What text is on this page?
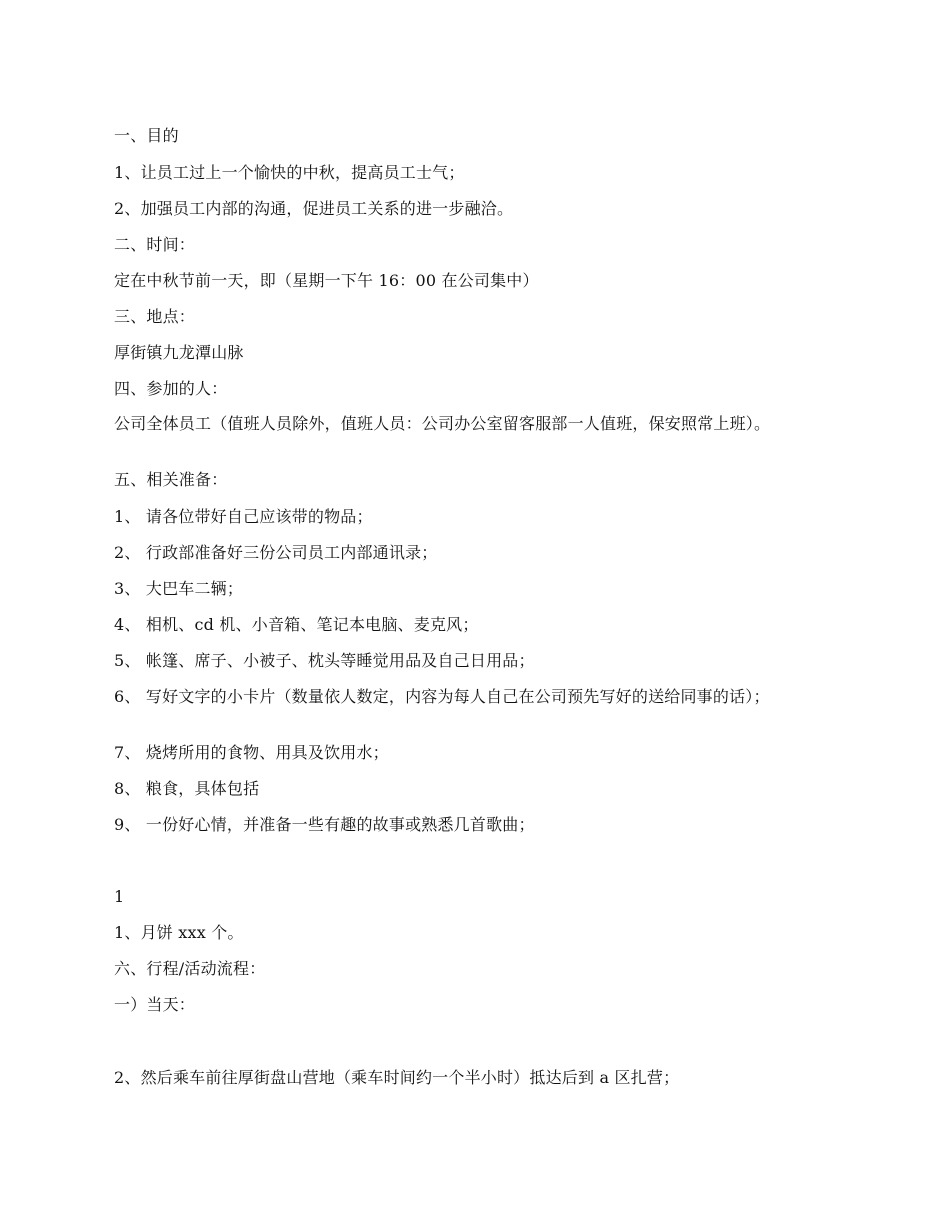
一、目的
1、让员工过上一个愉快的中秋，提高员工士气；
2、加强员工内部的沟通，促进员工关系的进一步融洽。
二、时间：
定在中秋节前一天，即（星期一下午 16：00 在公司集中）
三、地点：
厚街镇九龙潭山脉
四、参加的人：
公司全体员工（值班人员除外，值班人员：公司办公室留客服部一人值班，保安照常上班）。
五、相关准备：
1、 请各位带好自己应该带的物品；
2、 行政部准备好三份公司员工内部通讯录；
3、 大巴车二辆；
4、 相机、cd 机、小音箱、笔记本电脑、麦克风；
5、 帐篷、席子、小被子、枕头等睡觉用品及自己日用品；
6、 写好文字的小卡片（数量依人数定，内容为每人自己在公司预先写好的送给同事的话）；
7、 烧烤所用的食物、用具及饮用水；
8、 粮食，具体包括
9、 一份好心情，并准备一些有趣的故事或熟悉几首歌曲；
1
1、月饼 xxx 个。
六、行程/活动流程：
一）当天：
2、然后乘车前往厚街盘山营地（乘车时间约一个半小时）抵达后到 a 区扎营；
